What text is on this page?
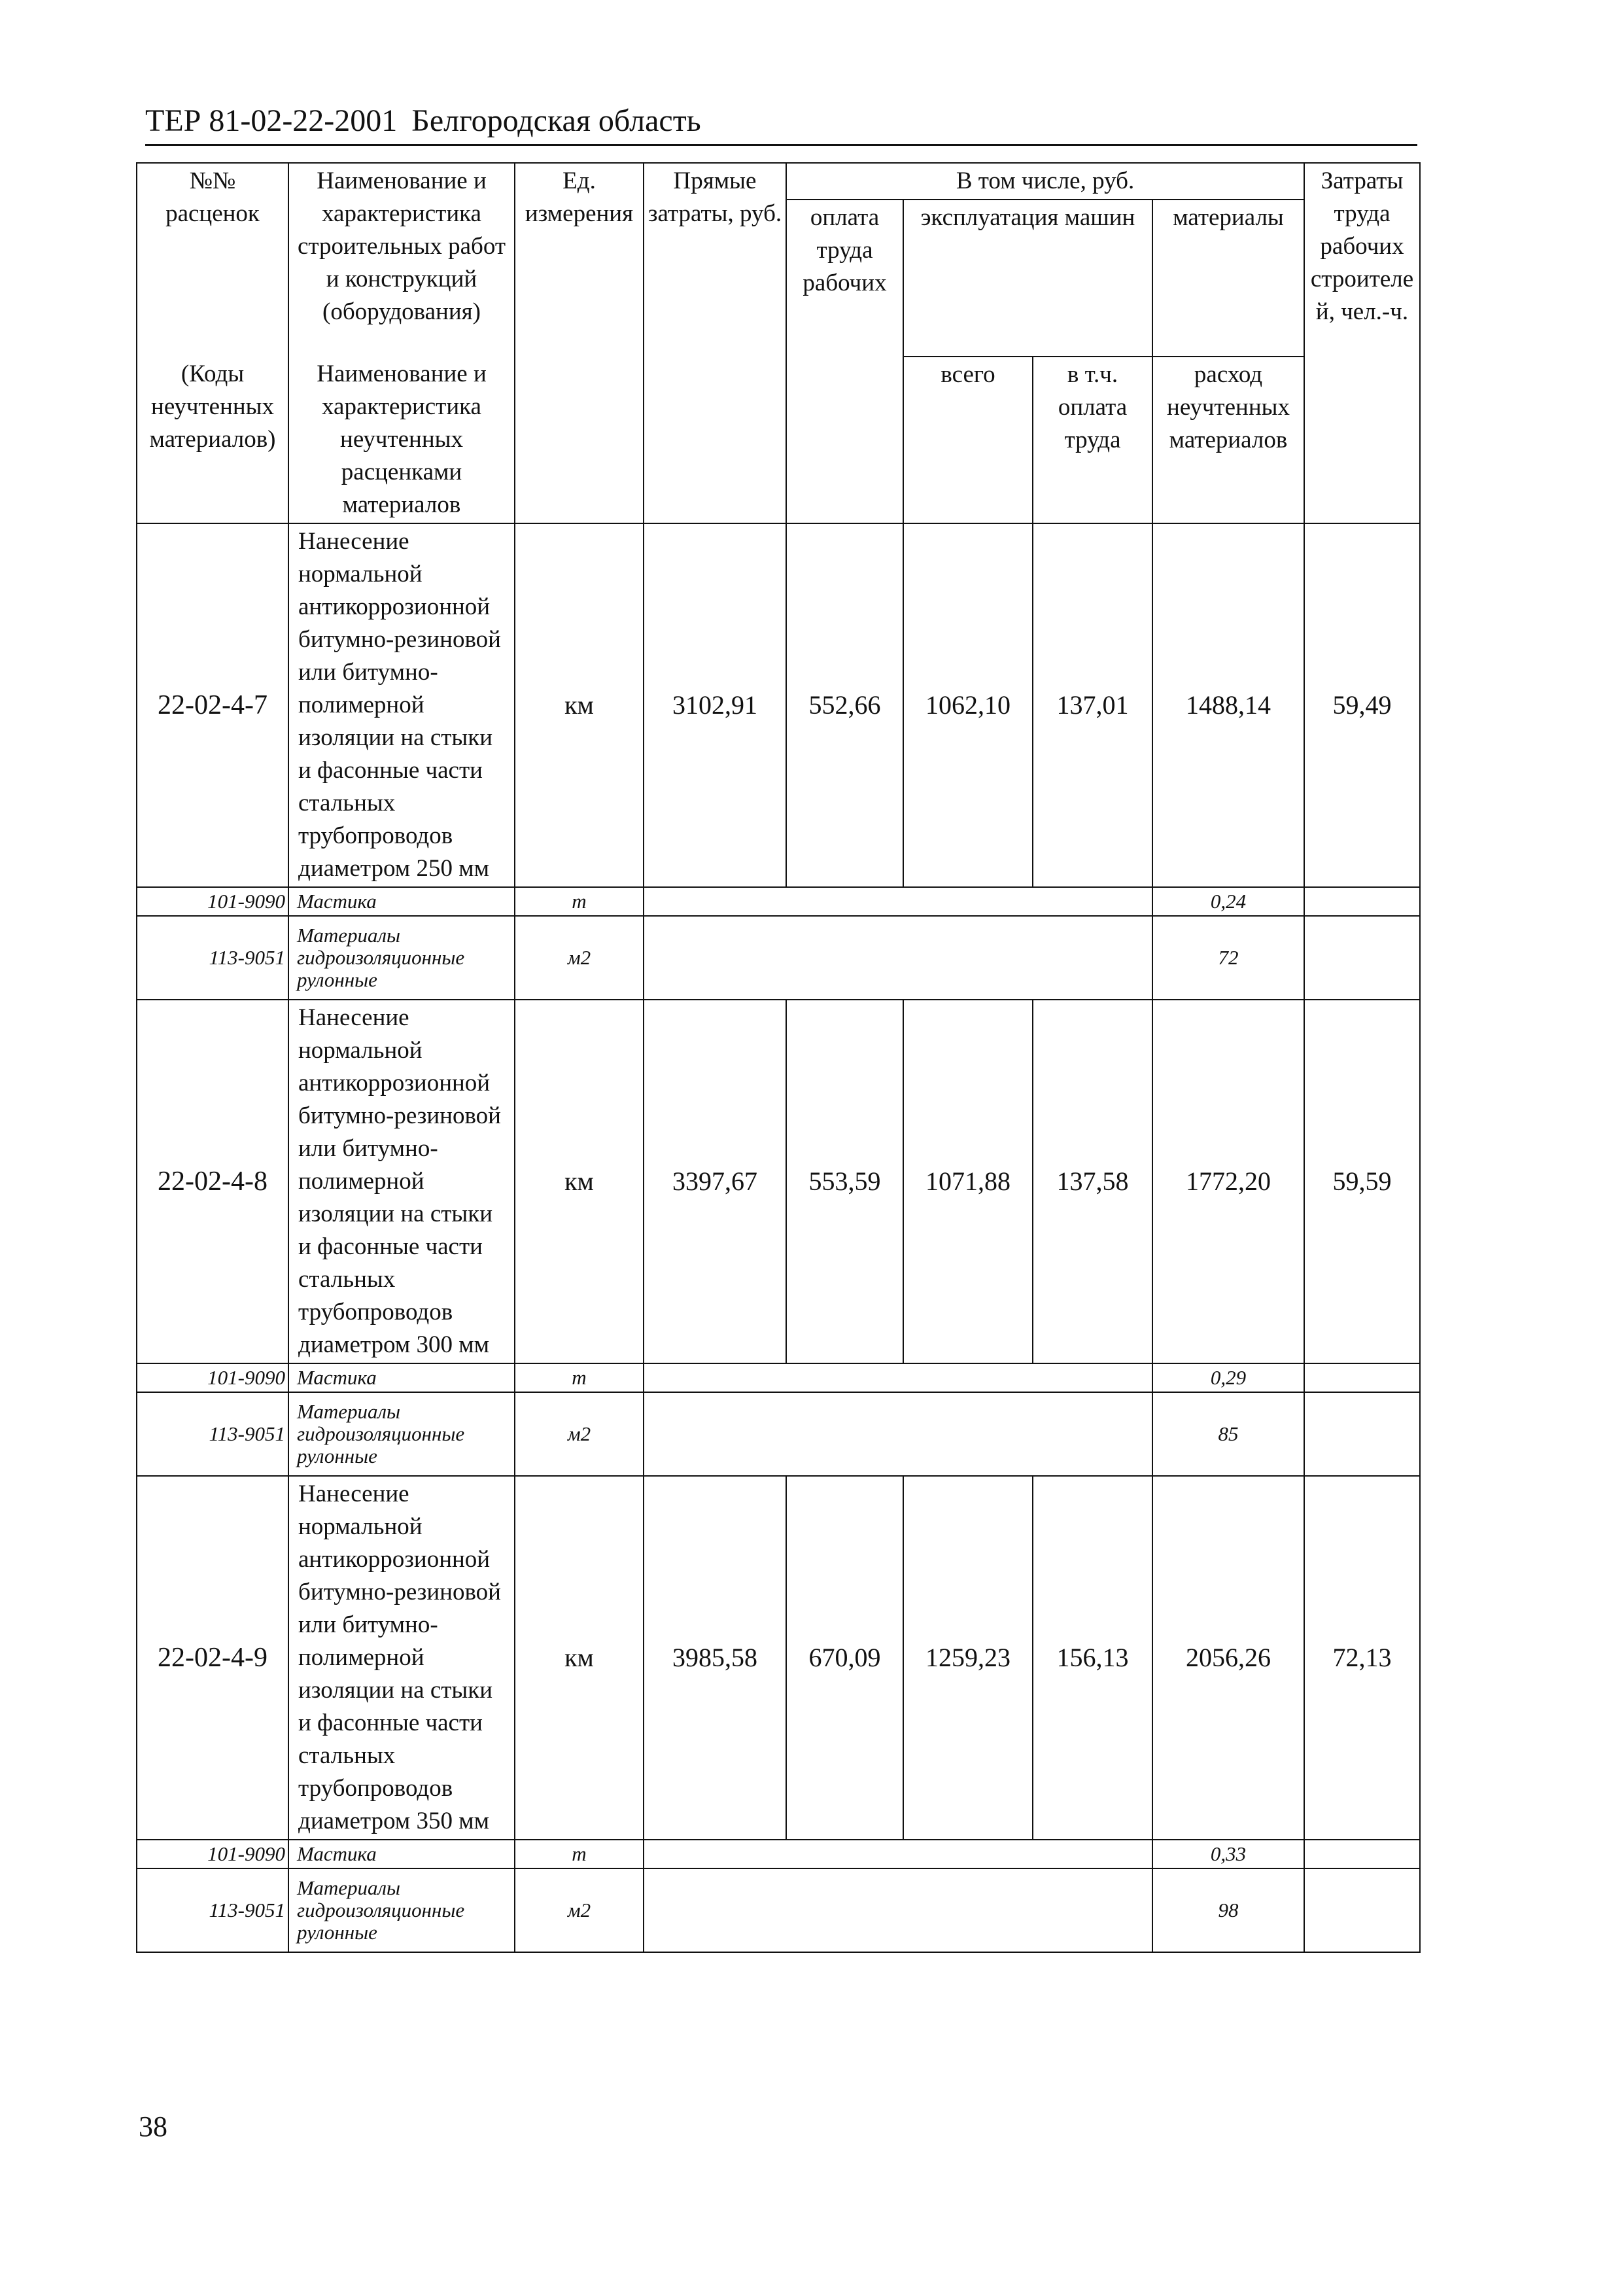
ТЕР 81-02-22-2001 Белгородская область
№№ расценок	Наименование и характеристика строительных работ и конструкций (оборудования)	Ед. измерения	Прямые затраты, руб.	В том числе, руб.				Затраты труда рабочих строителей, чел.-ч.
				оплата труда рабочих	эксплуатация машин		материалы	
(Коды неучтенных материалов)	Наименование и характеристика неучтенных расценками материалов				всего	в т.ч. оплата труда	расход неучтенных материалов	
22-02-4-7	Нанесение нормальной антикоррозионной битумно-резиновой или битумно-полимерной изоляции на стыки и фасонные части стальных трубопроводов диаметром 250 мм	км	3102,91	552,66	1062,10	137,01	1488,14	59,49
101-9090	Мастика	т					0,24	
113-9051	Материалы гидроизоляционные рулонные	м2					72	
22-02-4-8	Нанесение нормальной антикоррозионной битумно-резиновой или битумно-полимерной изоляции на стыки и фасонные части стальных трубопроводов диаметром 300 мм	км	3397,67	553,59	1071,88	137,58	1772,20	59,59
101-9090	Мастика	т					0,29	
113-9051	Материалы гидроизоляционные рулонные	м2					85	
22-02-4-9	Нанесение нормальной антикоррозионной битумно-резиновой или битумно-полимерной изоляции на стыки и фасонные части стальных трубопроводов диаметром 350 мм	км	3985,58	670,09	1259,23	156,13	2056,26	72,13
101-9090	Мастика	т					0,33	
113-9051	Материалы гидроизоляционные рулонные	м2					98	
38
